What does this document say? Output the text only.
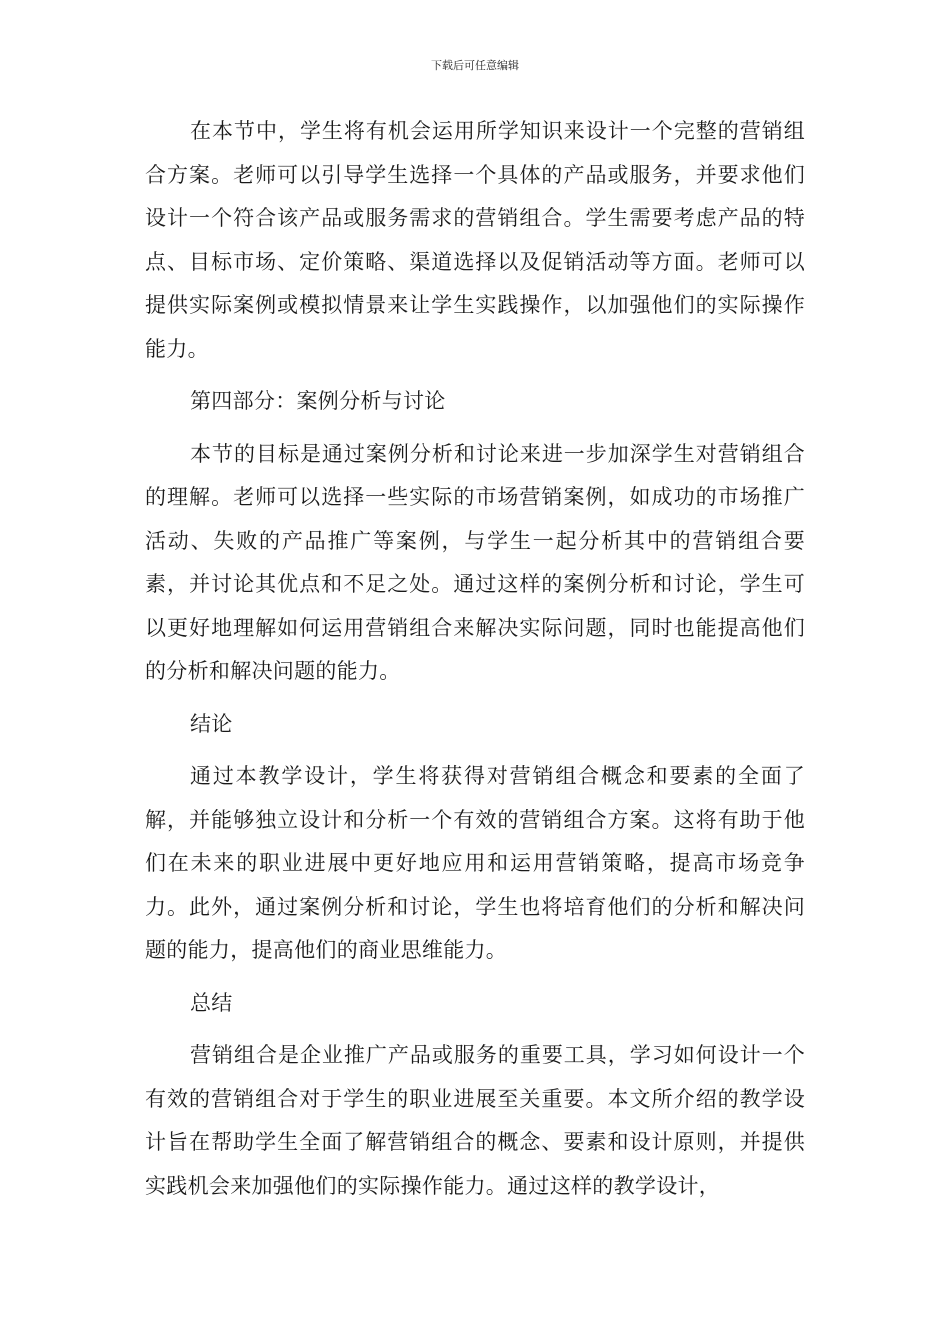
下载后可任意编辑

在本节中，学生将有机会运用所学知识来设计一个完整的营销组合方案。老师可以引导学生选择一个具体的产品或服务，并要求他们设计一个符合该产品或服务需求的营销组合。学生需要考虑产品的特点、目标市场、定价策略、渠道选择以及促销活动等方面。老师可以提供实际案例或模拟情景来让学生实践操作，以加强他们的实际操作能力。

第四部分：案例分析与讨论

本节的目标是通过案例分析和讨论来进一步加深学生对营销组合的理解。老师可以选择一些实际的市场营销案例，如成功的市场推广活动、失败的产品推广等案例，与学生一起分析其中的营销组合要素，并讨论其优点和不足之处。通过这样的案例分析和讨论，学生可以更好地理解如何运用营销组合来解决实际问题，同时也能提高他们的分析和解决问题的能力。

结论

通过本教学设计，学生将获得对营销组合概念和要素的全面了解，并能够独立设计和分析一个有效的营销组合方案。这将有助于他们在未来的职业进展中更好地应用和运用营销策略，提高市场竞争力。此外，通过案例分析和讨论，学生也将培育他们的分析和解决问题的能力，提高他们的商业思维能力。

总结

营销组合是企业推广产品或服务的重要工具，学习如何设计一个有效的营销组合对于学生的职业进展至关重要。本文所介绍的教学设计旨在帮助学生全面了解营销组合的概念、要素和设计原则，并提供实践机会来加强他们的实际操作能力。通过这样的教学设计，
